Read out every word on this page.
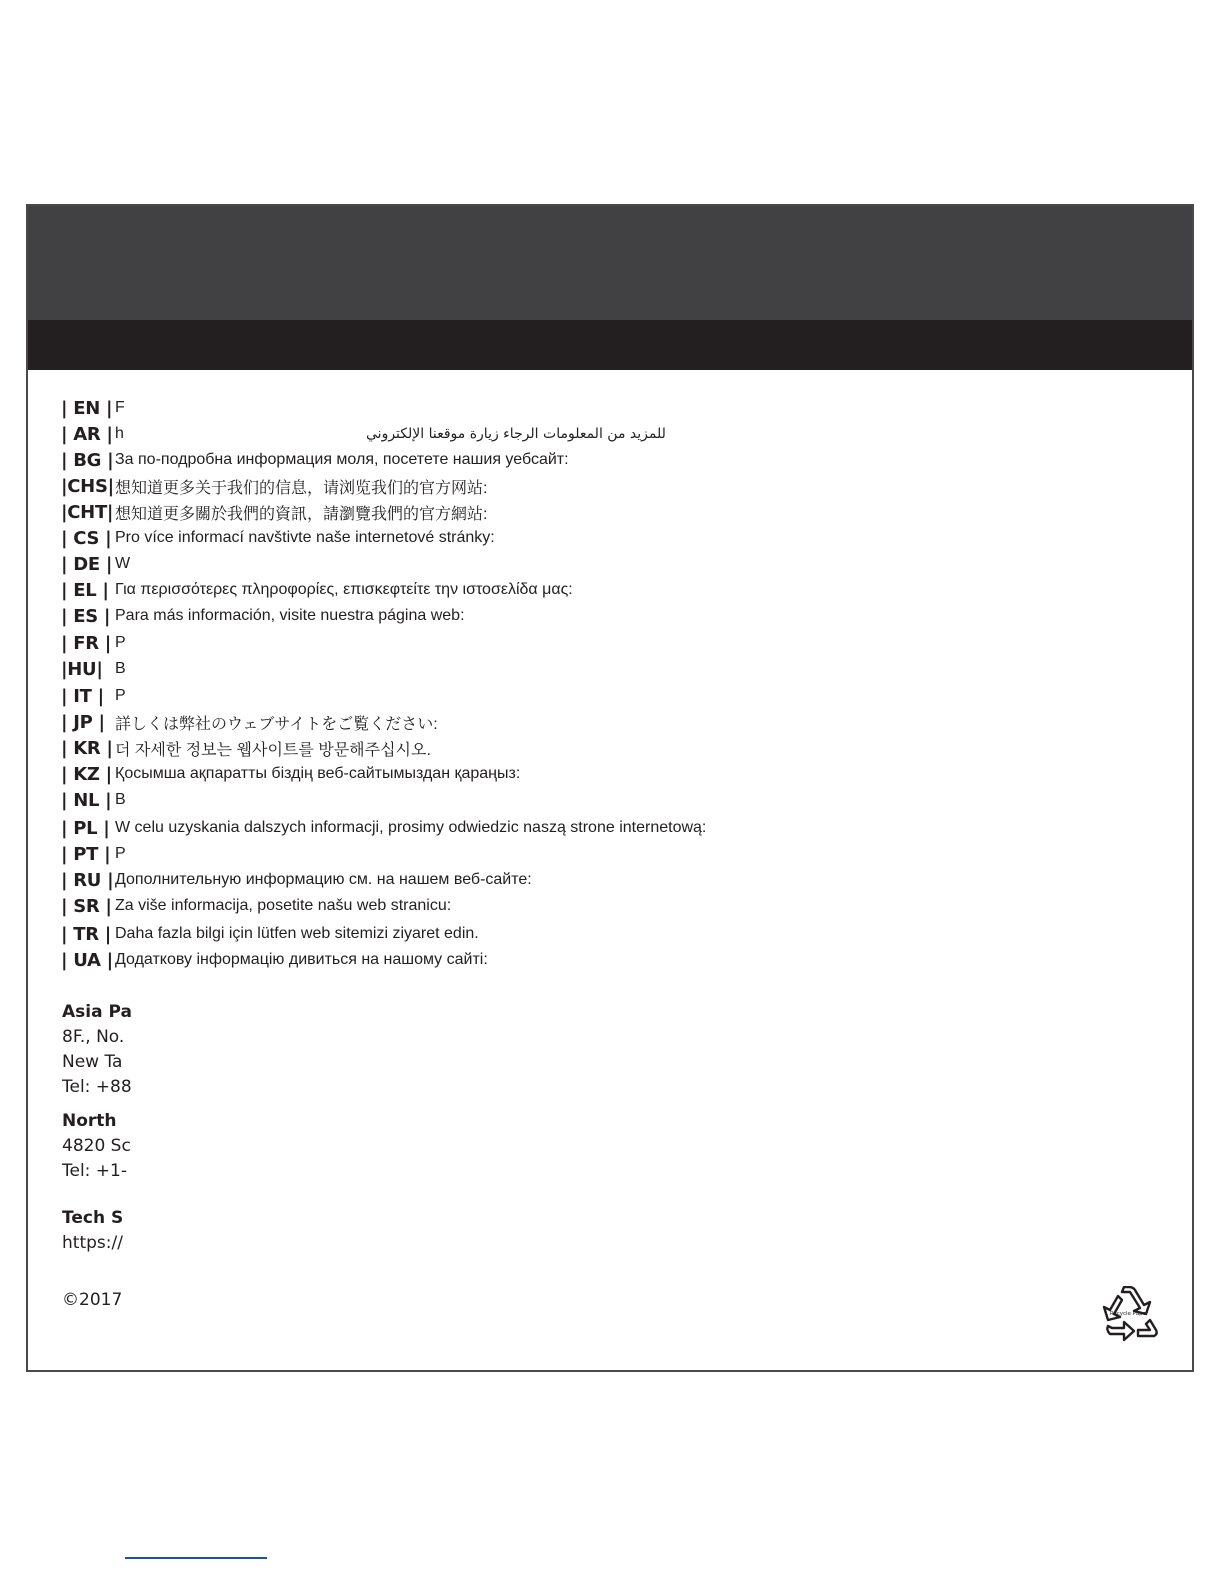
| EN | F
| AR | h	للمزيد من المعلومات الرجاء زيارة موقعنا الإلكتروني
| BG | За по-подробна информация моля, посетете нашия уебсайт:
|CHS| 想知道更多关于我们的信息，请浏览我们的官方网站:
|CHT| 想知道更多關於我們的資訊，請瀏覽我們的官方網站:
| CS | Pro více informací navštivte naše internetové stránky:
| DE | W
| EL | Για περισσότερες πληροφορίες, επισκεφτείτε την ιστοσελίδα μας:
| ES | Para más información, visite nuestra página web:
| FR | P
|HU| B
| IT | P
| JP | 詳しくは弊社のウェブサイトをご覧ください:
| KR | 더 자세한 정보는 웹사이트를 방문해주십시오.
| KZ | Қосымша ақпаратты біздің веб-сайтымыздан қараңыз:
| NL | B
| PL | W celu uzyskania dalszych informacji, prosimy odwiedzic naszą strone internetową:
| PT | P
| RU | Дополнительную информацию см. на нашем веб-сайте:
| SR | Za više informacija, posetite našu web stranicu:
| TR | Daha fazla bilgi için lütfen web sitemizi ziyaret edin.
| UA | Додаткову інформацію дивиться на нашому сайті:
Asia Pa
8F., No.
New Ta
Tel: +88
North
4820 Sc
Tel: +1-
Tech S
https://
©2017
Recycle Paper
